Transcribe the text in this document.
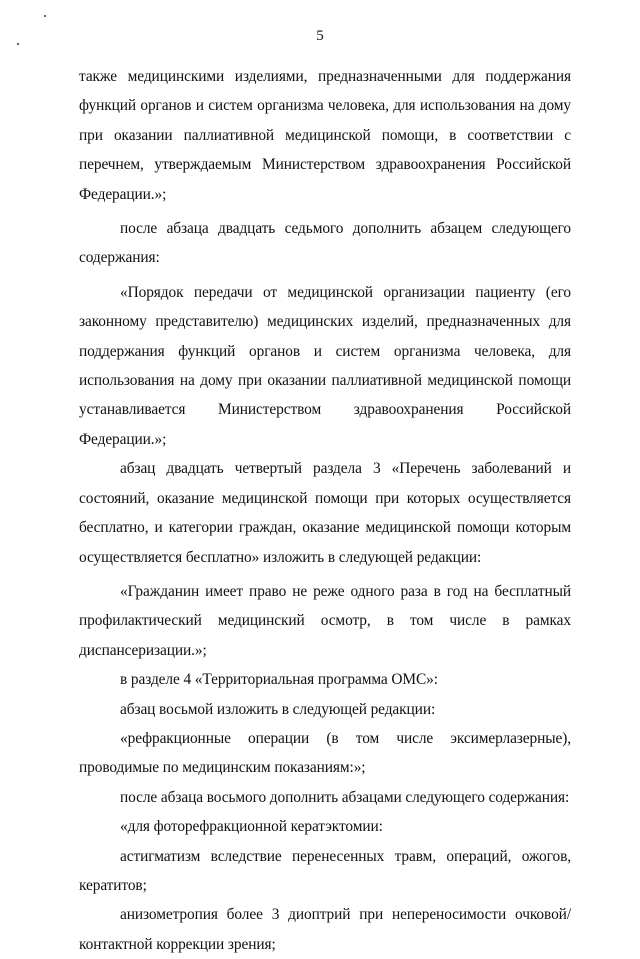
5

также медицинскими изделиями, предназначенными для поддержания функций органов и систем организма человека, для использования на дому при оказании паллиативной медицинской помощи, в соответствии с перечнем, утверждаемым Министерством здравоохранения Российской Федерации.»;

после абзаца двадцать седьмого дополнить абзацем следующего содержания:

«Порядок передачи от медицинской организации пациенту (его законному представителю) медицинских изделий, предназначенных для поддержания функций органов и систем организма человека, для использования на дому при оказании паллиативной медицинской помощи устанавливается Министерством здравоохранения Российской Федерации.»;

абзац двадцать четвертый раздела 3 «Перечень заболеваний и состояний, оказание медицинской помощи при которых осуществляется бесплатно, и категории граждан, оказание медицинской помощи которым осуществляется бесплатно» изложить в следующей редакции:

«Гражданин имеет право не реже одного раза в год на бесплатный профилактический медицинский осмотр, в том числе в рамках диспансеризации.»;

в разделе 4 «Территориальная программа ОМС»:

абзац восьмой изложить в следующей редакции:

«рефракционные операции (в том числе эксимерлазерные), проводимые по медицинским показаниям:»;

после абзаца восьмого дополнить абзацами следующего содержания:

«для фоторефракционной кератэктомии:

астигматизм вследствие перенесенных травм, операций, ожогов, кератитов;

анизометропия более 3 диоптрий при непереносимости очковой/контактной коррекции зрения;
